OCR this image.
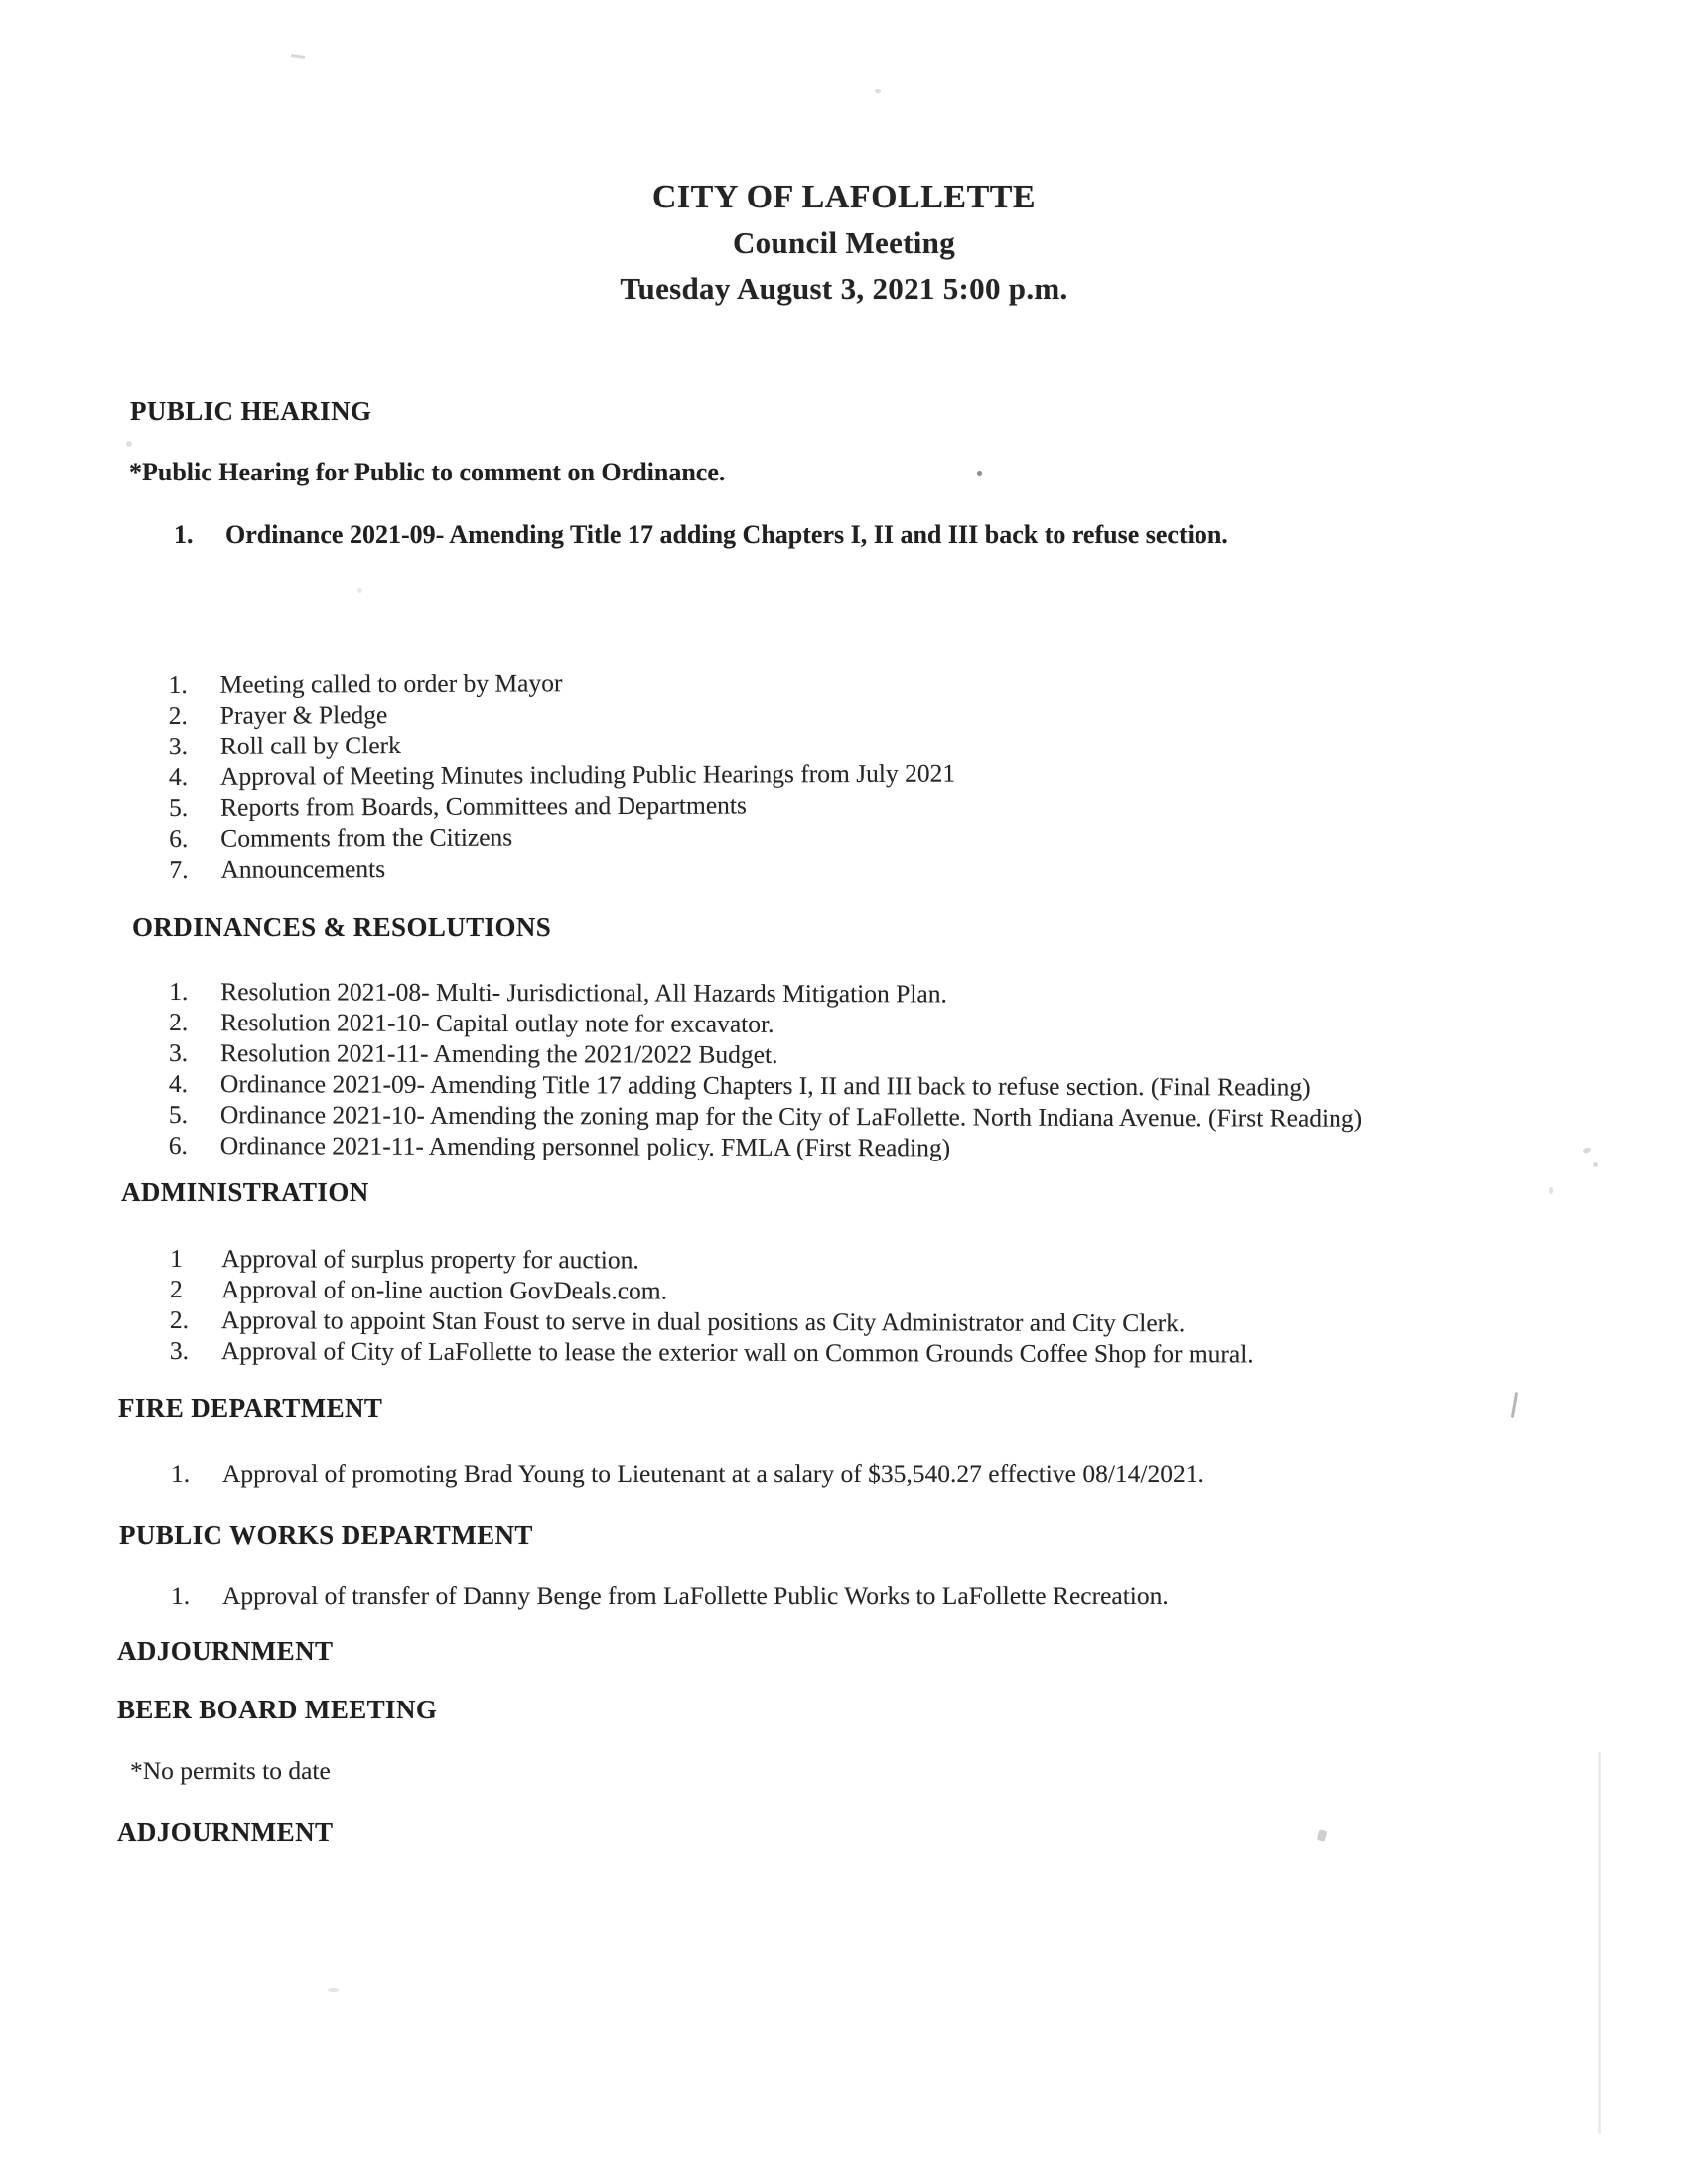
CITY OF LAFOLLETTE
Council Meeting
Tuesday August 3, 2021 5:00 p.m.
PUBLIC HEARING
*Public Hearing for Public to comment on Ordinance.
1.	Ordinance 2021-09- Amending Title 17 adding Chapters I, II and III back to refuse section.
1.	Meeting called to order by Mayor
2.	Prayer & Pledge
3.	Roll call by Clerk
4.	Approval of Meeting Minutes including Public Hearings from July 2021
5.	Reports from Boards, Committees and Departments
6.	Comments from the Citizens
7.	Announcements
ORDINANCES & RESOLUTIONS
1.	Resolution 2021-08- Multi- Jurisdictional, All Hazards Mitigation Plan.
2.	Resolution 2021-10- Capital outlay note for excavator.
3.	Resolution 2021-11- Amending the 2021/2022 Budget.
4.	Ordinance 2021-09- Amending Title 17 adding Chapters I, II and III back to refuse section. (Final Reading)
5.	Ordinance 2021-10- Amending the zoning map for the City of LaFollette. North Indiana Avenue. (First Reading)
6.	Ordinance 2021-11- Amending personnel policy. FMLA (First Reading)
ADMINISTRATION
1	Approval of surplus property for auction.
2	Approval of on-line auction GovDeals.com.
2.	Approval to appoint Stan Foust to serve in dual positions as City Administrator and City Clerk.
3.	Approval of City of LaFollette to lease the exterior wall on Common Grounds Coffee Shop for mural.
FIRE DEPARTMENT
1.	Approval of promoting Brad Young to Lieutenant at a salary of $35,540.27 effective 08/14/2021.
PUBLIC WORKS DEPARTMENT
1.	Approval of transfer of Danny Benge from LaFollette Public Works to LaFollette Recreation.
ADJOURNMENT
BEER BOARD MEETING
*No permits to date
ADJOURNMENT
